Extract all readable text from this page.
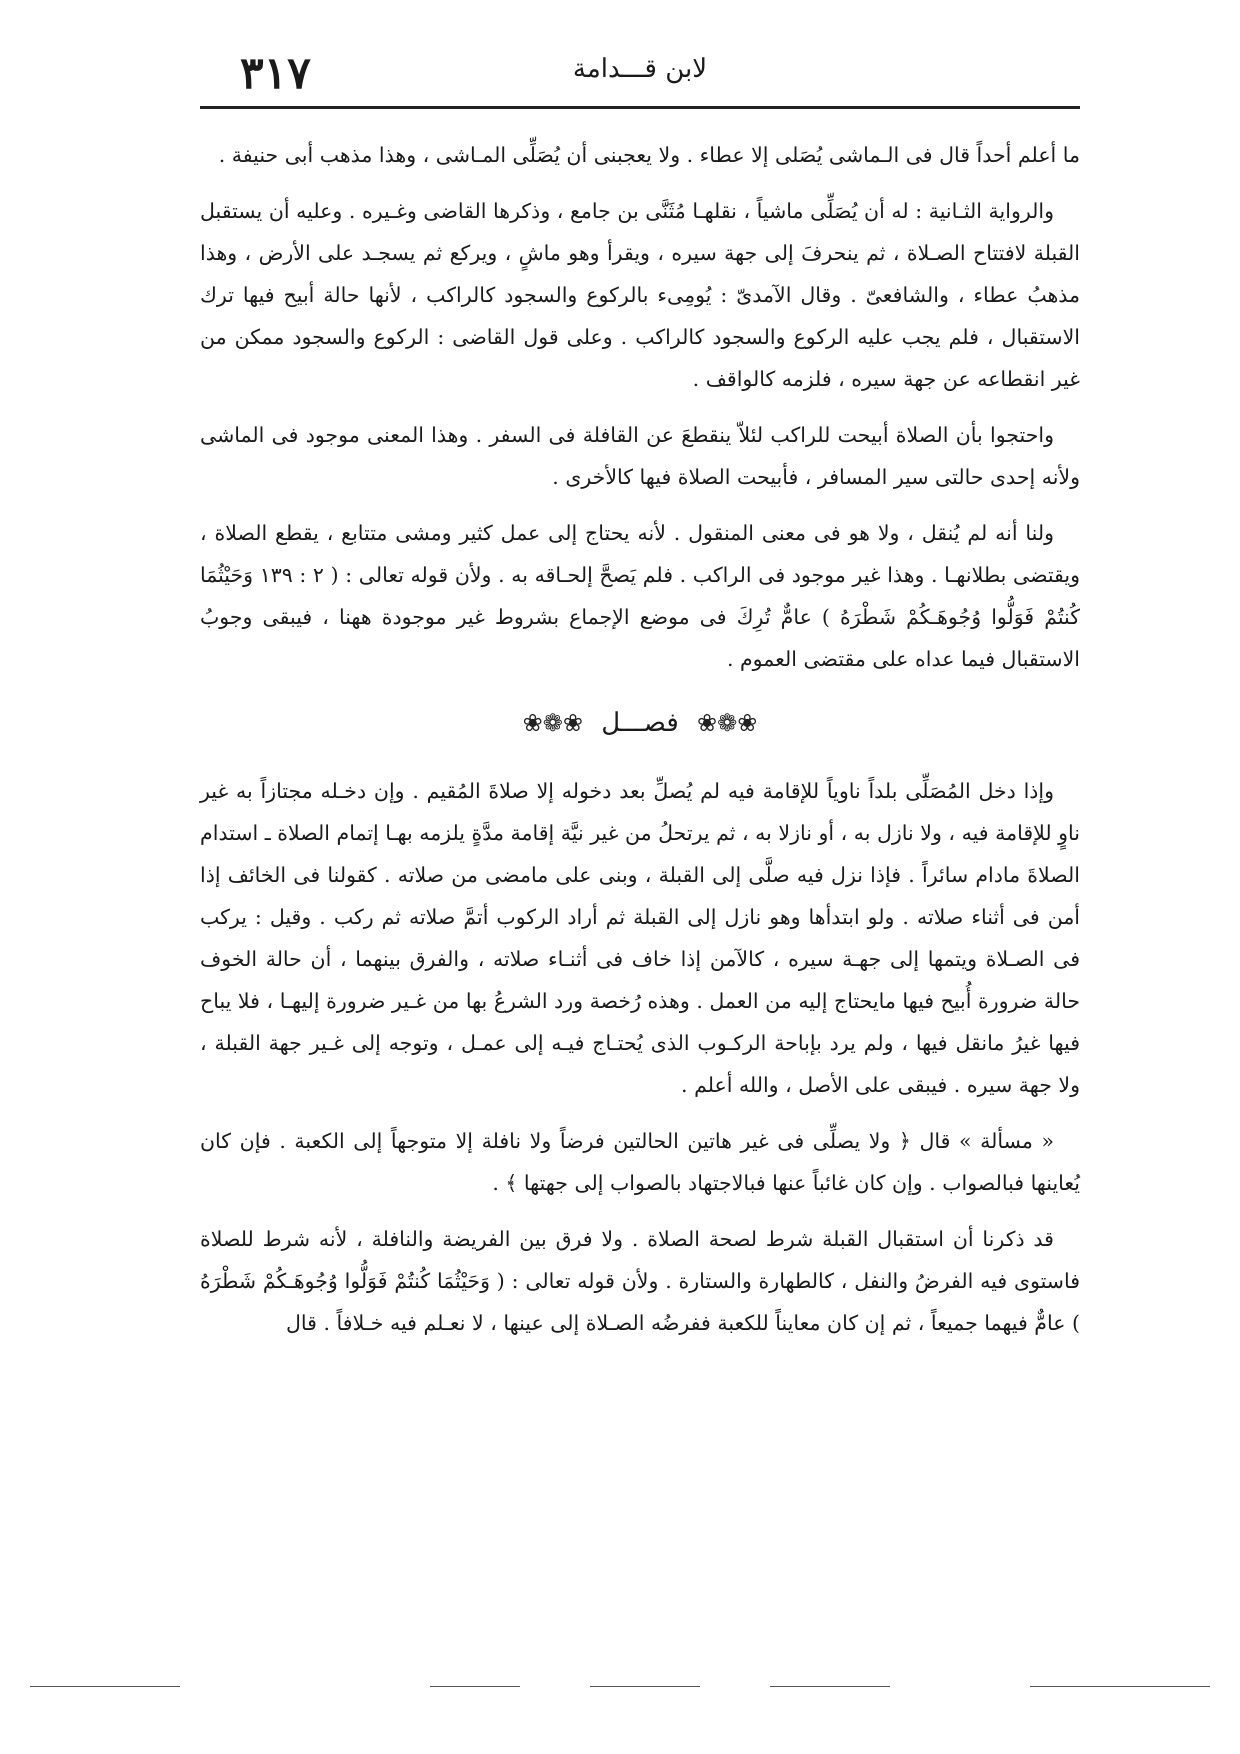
٣١٧	لابن قـــدامة

ما أعلم أحداً قال فى الـماشى يُصَلى إلا عطاء . ولا يعجبنى أن يُصَلِّى المـاشى ، وهذا مذهب أبى حنيفة .

والرواية الثـانية : له أن يُصَلِّى ماشياً ، نقلهـا مُثَنَّى بن جامع ، وذكرها القاضى وغـيره . وعليه أن يستقبل القبلة لافتتاح الصـلاة ، ثم ينحرفَ إلى جهة سيره ، ويقرأ وهو ماشٍ ، ويركع ثم يسجـد على الأرض ، وهذا مذهبُ عطاء ، والشافعىّ . وقال الآمدىّ : يُومِىء بالركوع والسجود كالراكب ، لأنها حالة أبيح فيها ترك الاستقبال ، فلم يجب عليه الركوع والسجود كالراكب . وعلى قول القاضى : الركوع والسجود ممكن من غير انقطاعه عن جهة سيره ، فلزمه كالواقف .

واحتجوا بأن الصلاة أبيحت للراكب لئلاّ ينقطعَ عن القافلة فى السفر . وهذا المعنى موجود فى الماشى ولأنه إحدى حالتى سير المسافر ، فأبيحت الصلاة فيها كالأخرى .

ولنا أنه لم يُنقل ، ولا هو فى معنى المنقول . لأنه يحتاج إلى عمل كثير ومشى متتابع ، يقطع الصلاة ، ويقتضى بطلانهـا . وهذا غير موجود فى الراكب . فلم يَصحَّ إلحـاقه به . ولأن قوله تعالى : ( ٢ : ١٣٩ وَحَيْثُمَا كُنتُمْ فَوَلُّوا وُجُوهَـكُمْ شَطْرَهُ ) عامٌّ تُرِكَ فى موضع الإجماع بشروط غير موجودة ههنا ، فيبقى وجوبُ الاستقبال فيما عداه على مقتضى العموم .

❀❁❀ فصـــل ❀❁❀

وإذا دخل المُصَلِّى بلداً ناوياً للإقامة فيه لم يُصلِّ بعد دخوله إلا صلاةَ المُقيم . وإن دخـله مجتازاً به غير ناوٍ للإقامة فيه ، ولا نازل به ، أو نازلا به ، ثم يرتحلُ من غير نيَّة إقامة مدَّةٍ يلزمه بهـا إتمام الصلاة ـ استدام الصلاةَ مادام سائراً . فإذا نزل فيه صلَّى إلى القبلة ، وبنى على مامضى من صلاته . كقولنا فى الخائف إذا أمن فى أثناء صلاته . ولو ابتدأها وهو نازل إلى القبلة ثم أراد الركوب أتمَّ صلاته ثم ركب . وقيل : يركب فى الصـلاة ويتمها إلى جهـة سيره ، كالآمن إذا خاف فى أثنـاء صلاته ، والفرق بينهما ، أن حالة الخوف حالة ضرورة أُبيح فيها مايحتاج إليه من العمل . وهذه رُخصة ورد الشرعُ بها من غـير ضرورة إليهـا ، فلا يباح فيها غيرُ مانقل فيها ، ولم يرد بإباحة الركـوب الذى يُحتـاج فيـه إلى عمـل ، وتوجه إلى غـير جهة القبلة ، ولا جهة سيره . فيبقى على الأصل ، والله أعلم .

« مسألة » قال ﴿ ولا يصلِّى فى غير هاتين الحالتين فرضاً ولا نافلة إلا متوجهاً إلى الكعبة . فإن كان يُعاينها فبالصواب . وإن كان غائباً عنها فبالاجتهاد بالصواب إلى جهتها ﴾ .

قد ذكرنا أن استقبال القبلة شرط لصحة الصلاة . ولا فرق بين الفريضة والنافلة ، لأنه شرط للصلاة فاستوى فيه الفرضُ والنفل ، كالطهارة والستارة . ولأن قوله تعالى : ( وَحَيْثُمَا كُنتُمْ فَوَلُّوا وُجُوهَـكُمْ شَطْرَهُ ) عامٌّ فيهما جميعاً ، ثم إن كان معايناً للكعبة ففرضُه الصـلاة إلى عينها ، لا نعـلم فيه خـلافاً . قال
